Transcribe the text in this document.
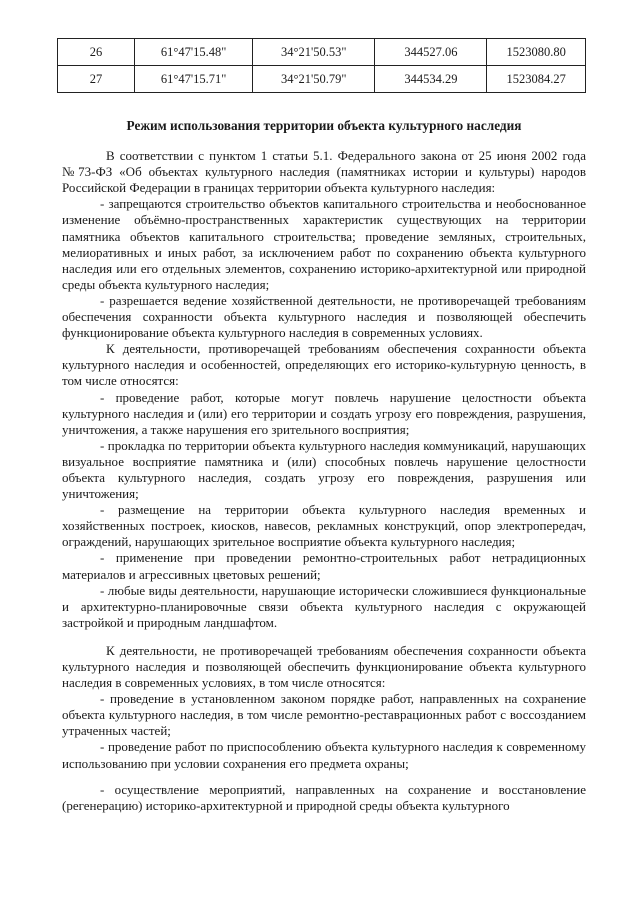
26	61°47'15.48"	34°21'50.53"	344527.06	1523080.80
27	61°47'15.71"	34°21'50.79"	344534.29	1523084.27

Режим использования территории объекта культурного наследия

В соответствии с пунктом 1 статьи 5.1. Федерального закона от 25 июня 2002 года №73-ФЗ «Об объектах культурного наследия (памятниках истории и культуры) народов Российской Федерации в границах территории объекта культурного наследия:

- запрещаются строительство объектов капитального строительства и необоснованное изменение объёмно-пространственных характеристик существующих на территории памятника объектов капитального строительства; проведение земляных, строительных, мелиоративных и иных работ, за исключением работ по сохранению объекта культурного наследия или его отдельных элементов, сохранению историко-архитектурной или природной среды объекта культурного наследия;

- разрешается ведение хозяйственной деятельности, не противоречащей требованиям обеспечения сохранности объекта культурного наследия и позволяющей обеспечить функционирование объекта культурного наследия в современных условиях.

К деятельности, противоречащей требованиям обеспечения сохранности объекта культурного наследия и особенностей, определяющих его историко-культурную ценность, в том числе относятся:

- проведение работ, которые могут повлечь нарушение целостности объекта культурного наследия и (или) его территории и создать угрозу его повреждения, разрушения, уничтожения, а также нарушения его зрительного восприятия;

- прокладка по территории объекта культурного наследия коммуникаций, нарушающих визуальное восприятие памятника и (или) способных повлечь нарушение целостности объекта культурного наследия, создать угрозу его повреждения, разрушения или уничтожения;

- размещение на территории объекта культурного наследия временных и хозяйственных построек, киосков, навесов, рекламных конструкций, опор электропередач, ограждений, нарушающих зрительное восприятие объекта культурного наследия;

- применение при проведении ремонтно-строительных работ нетрадиционных материалов и агрессивных цветовых решений;

- любые виды деятельности, нарушающие исторически сложившиеся функциональные и архитектурно-планировочные связи объекта культурного наследия с окружающей застройкой и природным ландшафтом.

К деятельности, не противоречащей требованиям обеспечения сохранности объекта культурного наследия и позволяющей обеспечить функционирование объекта культурного наследия в современных условиях, в том числе относятся:

- проведение в установленном законом порядке работ, направленных на сохранение объекта культурного наследия, в том числе ремонтно-реставрационных работ с воссозданием утраченных частей;

- проведение работ по приспособлению объекта культурного наследия к современному использованию при условии сохранения его предмета охраны;

- осуществление мероприятий, направленных на сохранение и восстановление (регенерацию) историко-архитектурной и природной среды объекта культурного
